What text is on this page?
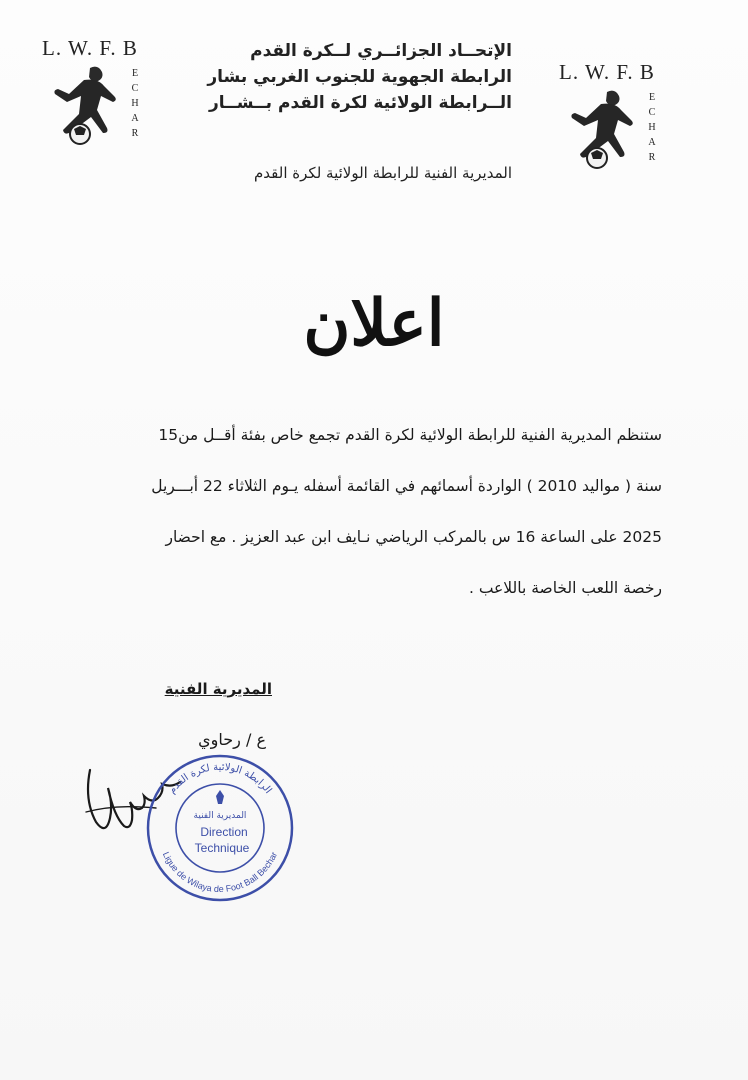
L. W. F. B
E
C
H
A
R
L. W. F. B
E
C
H
A
R
الإتحــاد الجزائــري لــكرة القدم
الرابطة الجهوية للجنوب الغربي بشار
الــرابطة الولائية لكرة القدم بــشــار
المديرية الفنية للرابطة الولائية لكرة القدم
اعلان
ستنظم المديرية الفنية للرابطة الولائية لكرة القدم تجمع خاص بفئة أقــل من15
سنة ( مواليد 2010 ) الواردة أسمائهم في القائمة أسفله يـوم الثلاثاء 22 أبـــريل
2025 على الساعة 16 س بالمركب الرياضي نـايف ابن عبد العزيز . مع احضار
رخصة اللعب الخاصة باللاعب .
المديرية الفنية
ع / رحاوي
الرابطة الولائية لكرة القدم
Ligue de Wilaya de Foot Ball Bechar
المديرية الفنية
Direction
Technique
